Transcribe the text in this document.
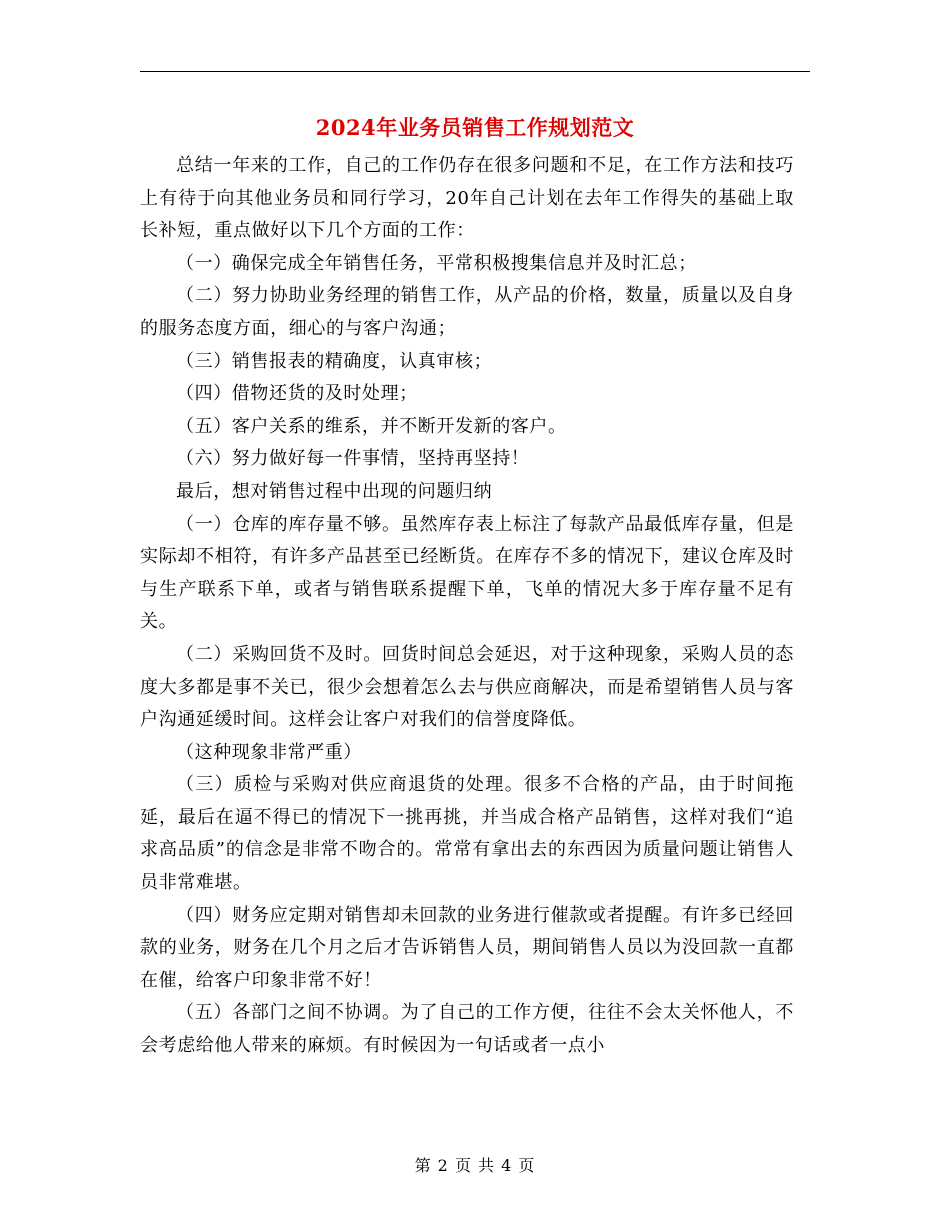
2024年业务员销售工作规划范文

总结一年来的工作，自己的工作仍存在很多问题和不足，在工作方法和技巧上有待于向其他业务员和同行学习，20年自己计划在去年工作得失的基础上取长补短，重点做好以下几个方面的工作：

（一）确保完成全年销售任务，平常积极搜集信息并及时汇总；

（二）努力协助业务经理的销售工作，从产品的价格，数量，质量以及自身的服务态度方面，细心的与客户沟通；

（三）销售报表的精确度，认真审核；

（四）借物还货的及时处理；

（五）客户关系的维系，并不断开发新的客户。

（六）努力做好每一件事情，坚持再坚持！

最后，想对销售过程中出现的问题归纳

（一）仓库的库存量不够。虽然库存表上标注了每款产品最低库存量，但是实际却不相符，有许多产品甚至已经断货。在库存不多的情况下，建议仓库及时与生产联系下单，或者与销售联系提醒下单，飞单的情况大多于库存量不足有关。

（二）采购回货不及时。回货时间总会延迟，对于这种现象，采购人员的态度大多都是事不关已，很少会想着怎么去与供应商解决，而是希望销售人员与客户沟通延缓时间。这样会让客户对我们的信誉度降低。

（这种现象非常严重）

（三）质检与采购对供应商退货的处理。很多不合格的产品，由于时间拖延，最后在逼不得已的情况下一挑再挑，并当成合格产品销售，这样对我们“追求高品质”的信念是非常不吻合的。常常有拿出去的东西因为质量问题让销售人员非常难堪。

（四）财务应定期对销售却未回款的业务进行催款或者提醒。有许多已经回款的业务，财务在几个月之后才告诉销售人员，期间销售人员以为没回款一直都在催，给客户印象非常不好！

（五）各部门之间不协调。为了自己的工作方便，往往不会太关怀他人，不会考虑给他人带来的麻烦。有时候因为一句话或者一点小

第 2 页 共 4 页
